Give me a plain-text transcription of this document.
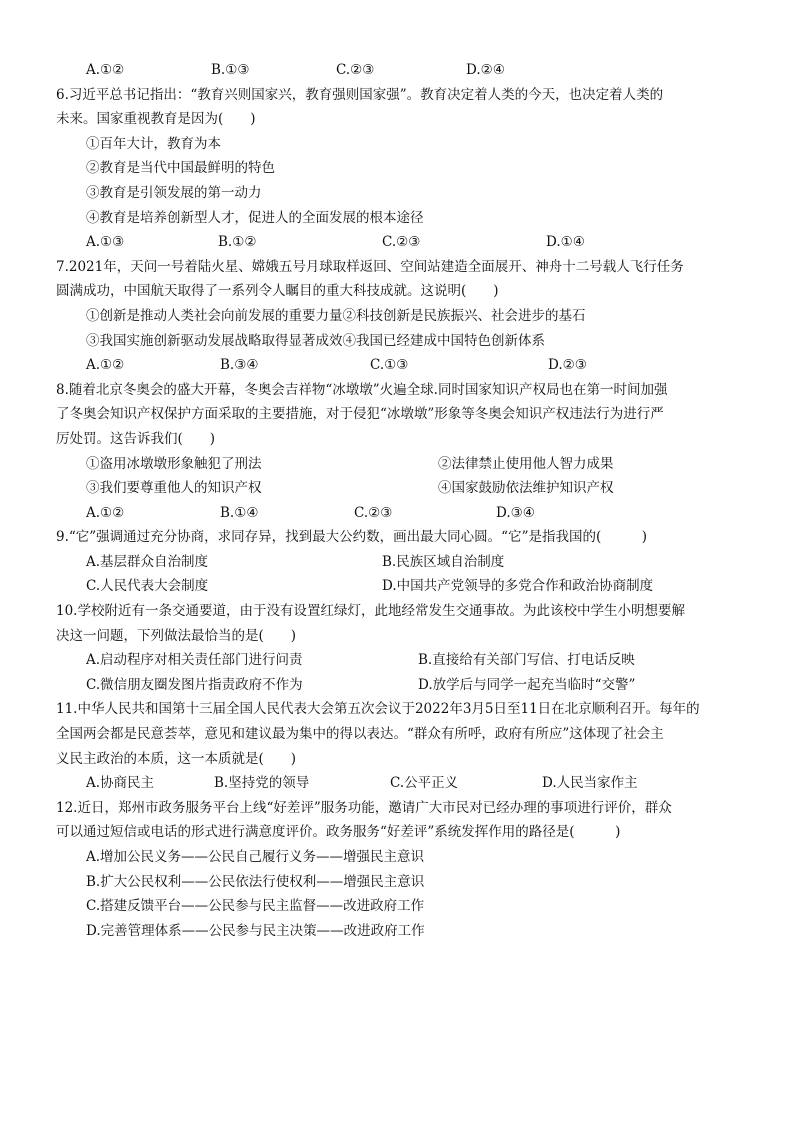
A.①②	B.①③	C.②③	D.②④
6.习近平总书记指出：“教育兴则国家兴，教育强则国家强”。教育决定着人类的今天，也决定着人类的
未来。国家重视教育是因为(　　)
①百年大计，教育为本
②教育是当代中国最鲜明的特色
③教育是引领发展的第一动力
④教育是培养创新型人才，促进人的全面发展的根本途径
A.①③	B.①②	C.②③	D.①④
7.2021年，天问一号着陆火星、嫦娥五号月球取样返回、空间站建造全面展开、神舟十二号载人飞行任务
圆满成功，中国航天取得了一系列令人瞩目的重大科技成就。这说明(　　)
①创新是推动人类社会向前发展的重要力量②科技创新是民族振兴、社会进步的基石
③我国实施创新驱动发展战略取得显著成效④我国已经建成中国特色创新体系
A.①②	B.③④	C.①③	D.②③
8.随着北京冬奥会的盛大开幕，冬奥会吉祥物“冰墩墩”火遍全球.同时国家知识产权局也在第一时间加强
了冬奥会知识产权保护方面采取的主要措施，对于侵犯“冰墩墩”形象等冬奥会知识产权违法行为进行严
厉处罚。这告诉我们(　　)
①盗用冰墩墩形象触犯了刑法	②法律禁止使用他人智力成果
③我们要尊重他人的知识产权	④国家鼓励依法维护知识产权
A.①②	B.①④	C.②③	D.③④
9.“它”强调通过充分协商，求同存异，找到最大公约数，画出最大同心圆。“它”是指我国的(　　　)
A.基层群众自治制度	B.民族区域自治制度
C.人民代表大会制度	D.中国共产党领导的多党合作和政治协商制度
10.学校附近有一条交通要道，由于没有设置红绿灯，此地经常发生交通事故。为此该校中学生小明想要解
决这一问题，下列做法最恰当的是(　　)
A.启动程序对相关责任部门进行问责	B.直接给有关部门写信、打电话反映
C.微信朋友圈发图片指责政府不作为	D.放学后与同学一起充当临时“交警”
11.中华人民共和国第十三届全国人民代表大会第五次会议于2022年3月5日至11日在北京顺利召开。每年的
全国两会都是民意荟萃，意见和建议最为集中的得以表达。“群众有所呼，政府有所应”这体现了社会主
义民主政治的本质，这一本质就是(　　)
A.协商民主	B.坚持党的领导	C.公平正义	D.人民当家作主
12.近日，郑州市政务服务平台上线“好差评”服务功能，邀请广大市民对已经办理的事项进行评价，群众
可以通过短信或电话的形式进行满意度评价。政务服务“好差评”系统发挥作用的路径是(　　　)
A.增加公民义务——公民自己履行义务——增强民主意识
B.扩大公民权利——公民依法行使权利——增强民主意识
C.搭建反馈平台——公民参与民主监督——改进政府工作
D.完善管理体系——公民参与民主决策——改进政府工作
